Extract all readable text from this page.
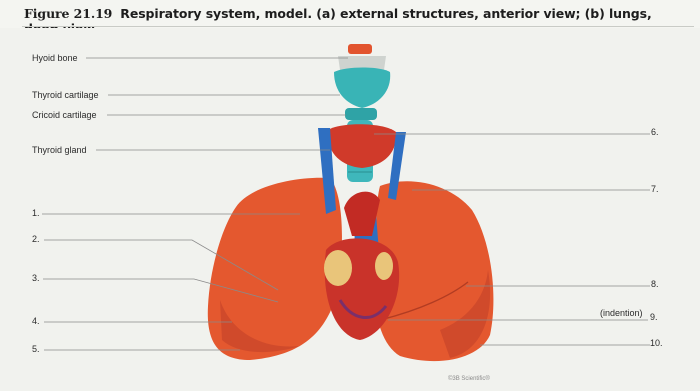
Figure 21.19 Respiratory system, model. (a) external structures, anterior view; (b) lungs,
Hyoid bone
Thyroid cartilage
Cricoid cartilage
Thyroid gland
1.
2.
3.
4.
5.
6.
7.
8.
9.
10.
(indention)
©3B Scientific®
